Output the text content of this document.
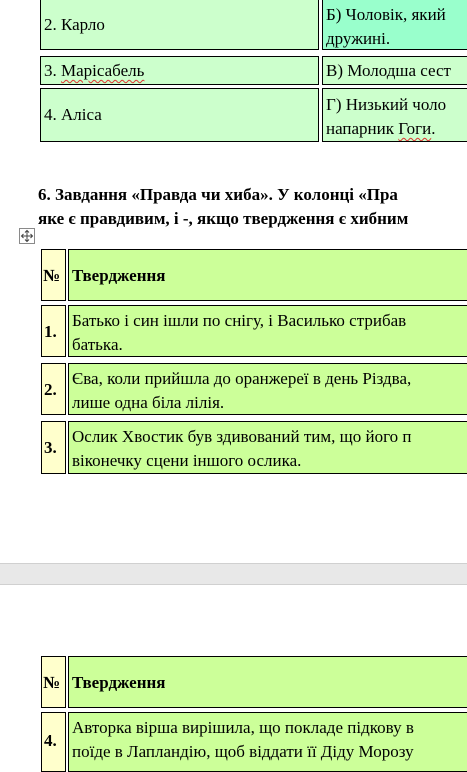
2. Карло
Б) Чоловік, який
дружині.
3. Марісабель	В) Молодша сест
4. Аліса
Г) Низький чоло
напарник Гоги.
6. Завдання «Правда чи хиба». У колонці «Пра
яке є правдивим, і -, якщо твердження є хибним
№ Твердження
1.
Батько і син ішли по снігу, і Василько стрибав
батька.
2.
Єва, коли прийшла до оранжереї в день Різдва,
лише одна біла лілія.
3.
Ослик Хвостик був здивований тим, що його п
віконечку сцени іншого ослика.
№ Твердження
4.
Авторка вірша вирішила, що покладе підкову в
поїде в Лапландію, щоб віддати її Діду Морозу
